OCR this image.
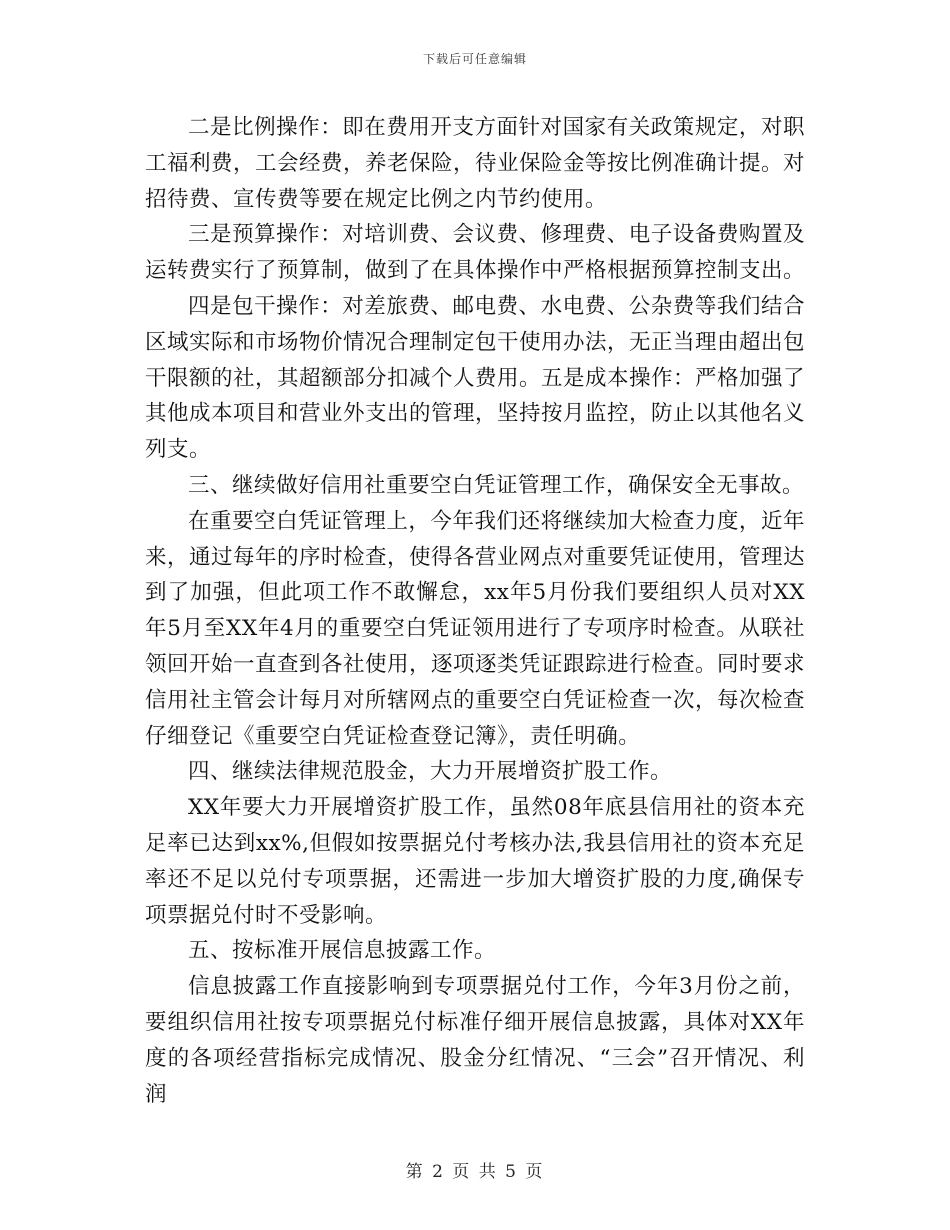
下载后可任意编辑

二是比例操作：即在费用开支方面针对国家有关政策规定，对职工福利费，工会经费，养老保险，待业保险金等按比例准确计提。对招待费、宣传费等要在规定比例之内节约使用。

三是预算操作：对培训费、会议费、修理费、电子设备费购置及运转费实行了预算制，做到了在具体操作中严格根据预算控制支出。

四是包干操作：对差旅费、邮电费、水电费、公杂费等我们结合区域实际和市场物价情况合理制定包干使用办法，无正当理由超出包干限额的社，其超额部分扣减个人费用。五是成本操作：严格加强了其他成本项目和营业外支出的管理，坚持按月监控，防止以其他名义列支。

三、继续做好信用社重要空白凭证管理工作，确保安全无事故。

在重要空白凭证管理上，今年我们还将继续加大检查力度，近年来，通过每年的序时检查，使得各营业网点对重要凭证使用，管理达到了加强，但此项工作不敢懈怠，xx年5月份我们要组织人员对XX年5月至XX年4月的重要空白凭证领用进行了专项序时检查。从联社领回开始一直查到各社使用，逐项逐类凭证跟踪进行检查。同时要求信用社主管会计每月对所辖网点的重要空白凭证检查一次，每次检查仔细登记《重要空白凭证检查登记簿》，责任明确。

四、继续法律规范股金，大力开展增资扩股工作。

XX年要大力开展增资扩股工作，虽然08年底县信用社的资本充足率已达到xx%,但假如按票据兑付考核办法,我县信用社的资本充足率还不足以兑付专项票据，还需进一步加大增资扩股的力度,确保专项票据兑付时不受影响。

五、按标准开展信息披露工作。

信息披露工作直接影响到专项票据兑付工作，今年3月份之前，要组织信用社按专项票据兑付标准仔细开展信息披露，具体对XX年度的各项经营指标完成情况、股金分红情况、“三会”召开情况、利润

第 2 页 共 5 页
